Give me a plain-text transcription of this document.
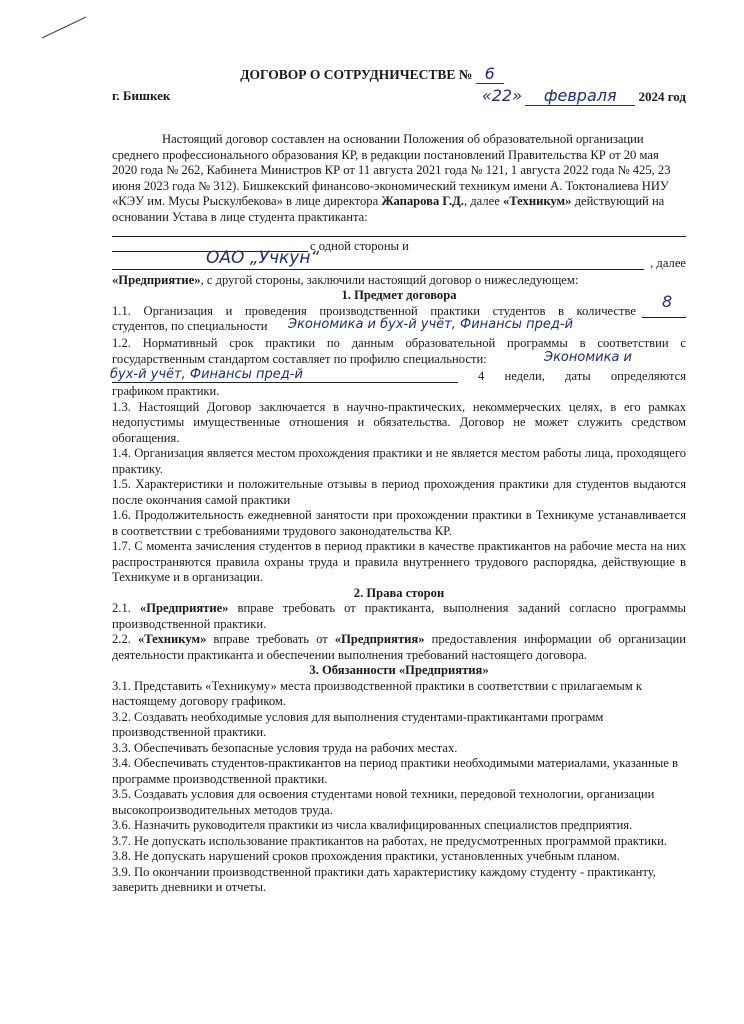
ДОГОВОР О СОТРУДНИЧЕСТВЕ № 6
г. Бишкек	«22» февраля 2024 год

Настоящий договор составлен на основании Положения об образовательной организации среднего профессионального образования КР, в редакции постановлений Правительства КР от 20 мая 2020 года № 262, Кабинета Министров КР от 11 августа 2021 года № 121, 1 августа 2022 года № 425, 23 июня 2023 года № 312). Бишкекский финансово-экономический техникум имени А. Токтоналиева НИУ «КЭУ им. Мусы Рыскулбекова» в лице директора Жапарова Г.Д., далее «Техникум» действующий на основании Устава в лице студента практиканта:

с одной стороны и
ОАО „Учкун“	, далее

«Предприятие», с другой стороны, заключили настоящий договор о нижеследующем:

1. Предмет договора

1.1. Организация и проведения производственной практики студентов в количестве 8
студентов, по специальности Экономика и бух-й учёт, Финансы пред-й

1.2. Нормативный срок практики по данным образовательной программы в соответствии с государственным стандартом составляет по профилю специальности:	Экономика и
бух-й учёт, Финансы пред-й

	4 недели, даты определяются графиком практики.

1.3. Настоящий Договор заключается в научно-практических, некоммерческих целях, в его рамках недопустимы имущественные отношения и обязательства. Договор не может служить средством обогащения.

1.4. Организация является местом прохождения практики и не является местом работы лица, проходящего практику.

1.5. Характеристики и положительные отзывы в период прохождения практики для студентов выдаются после окончания самой практики

1.6. Продолжительность ежедневной занятости при прохождении практики в Техникуме устанавливается в соответствии с требованиями трудового законодательства КР.

1.7. С момента зачисления студентов в период практики в качестве практикантов на рабочие места на них распространяются правила охраны труда и правила внутреннего трудового распорядка, действующие в Техникуме и в организации.

2. Права сторон

2.1. «Предприятие» вправе требовать от практиканта, выполнения заданий согласно программы производственной практики.

2.2. «Техникум» вправе требовать от «Предприятия» предоставления информации об организации деятельности практиканта и обеспечении выполнения требований настоящего договора.

3. Обязанности «Предприятия»

3.1. Представить «Техникуму» места производственной практики в соответствии с прилагаемым к настоящему договору графиком.

3.2. Создавать необходимые условия для выполнения студентами-практикантами программ производственной практики.

3.3. Обеспечивать безопасные условия труда на рабочих местах.

3.4. Обеспечивать студентов-практикантов на период практики необходимыми материалами, указанные в программе производственной практики.

3.5. Создавать условия для освоения студентами новой техники, передовой технологии, организации высокопроизводительных методов труда.

3.6. Назначить руководителя практики из числа квалифицированных специалистов предприятия.

3.7. Не допускать использование практикантов на работах, не предусмотренных программой практики.

3.8. Не допускать нарушений сроков прохождения практики, установленных учебным планом.

3.9. По окончании производственной практики дать характеристику каждому студенту - практиканту, заверить дневники и отчеты.
